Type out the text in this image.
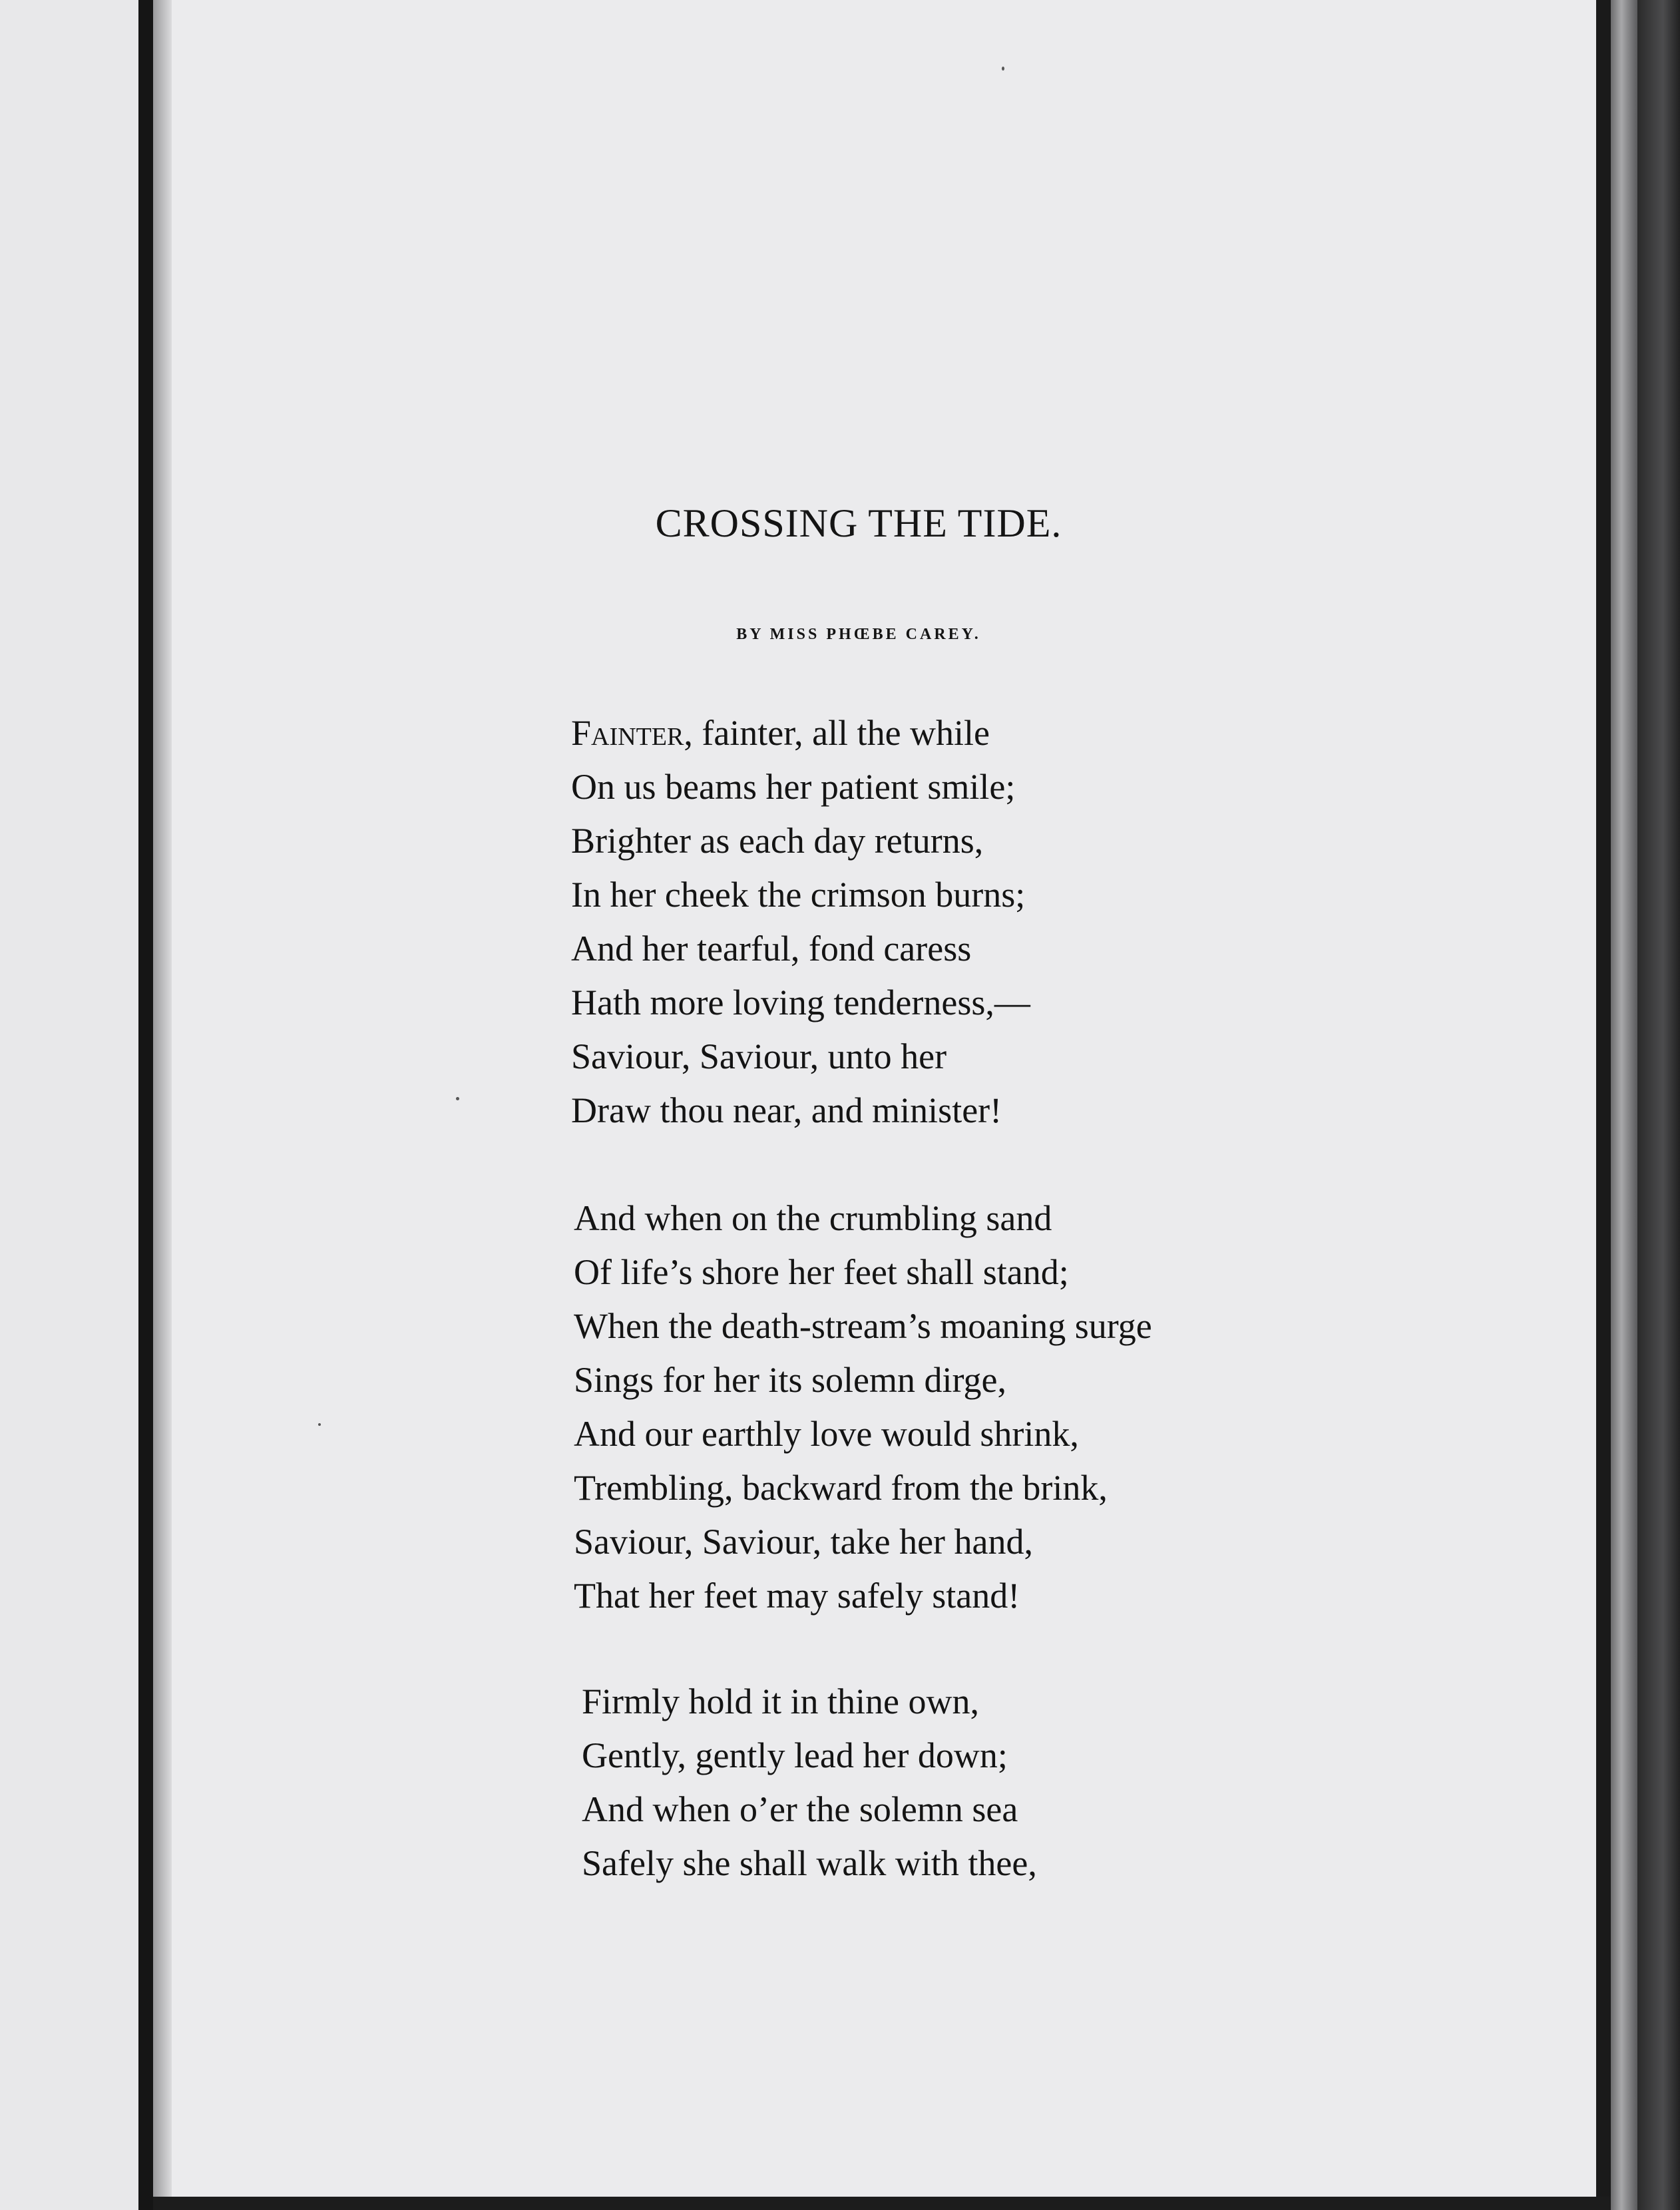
CROSSING THE TIDE.
BY MISS PHŒBE CAREY.
Fainter, fainter, all the while
On us beams her patient smile;
Brighter as each day returns,
In her cheek the crimson burns;
And her tearful, fond caress
Hath more loving tenderness,—
Saviour, Saviour, unto her
Draw thou near, and minister!
And when on the crumbling sand
Of life’s shore her feet shall stand;
When the death-stream’s moaning surge
Sings for her its solemn dirge,
And our earthly love would shrink,
Trembling, backward from the brink,
Saviour, Saviour, take her hand,
That her feet may safely stand!
Firmly hold it in thine own,
Gently, gently lead her down;
And when o’er the solemn sea
Safely she shall walk with thee,
